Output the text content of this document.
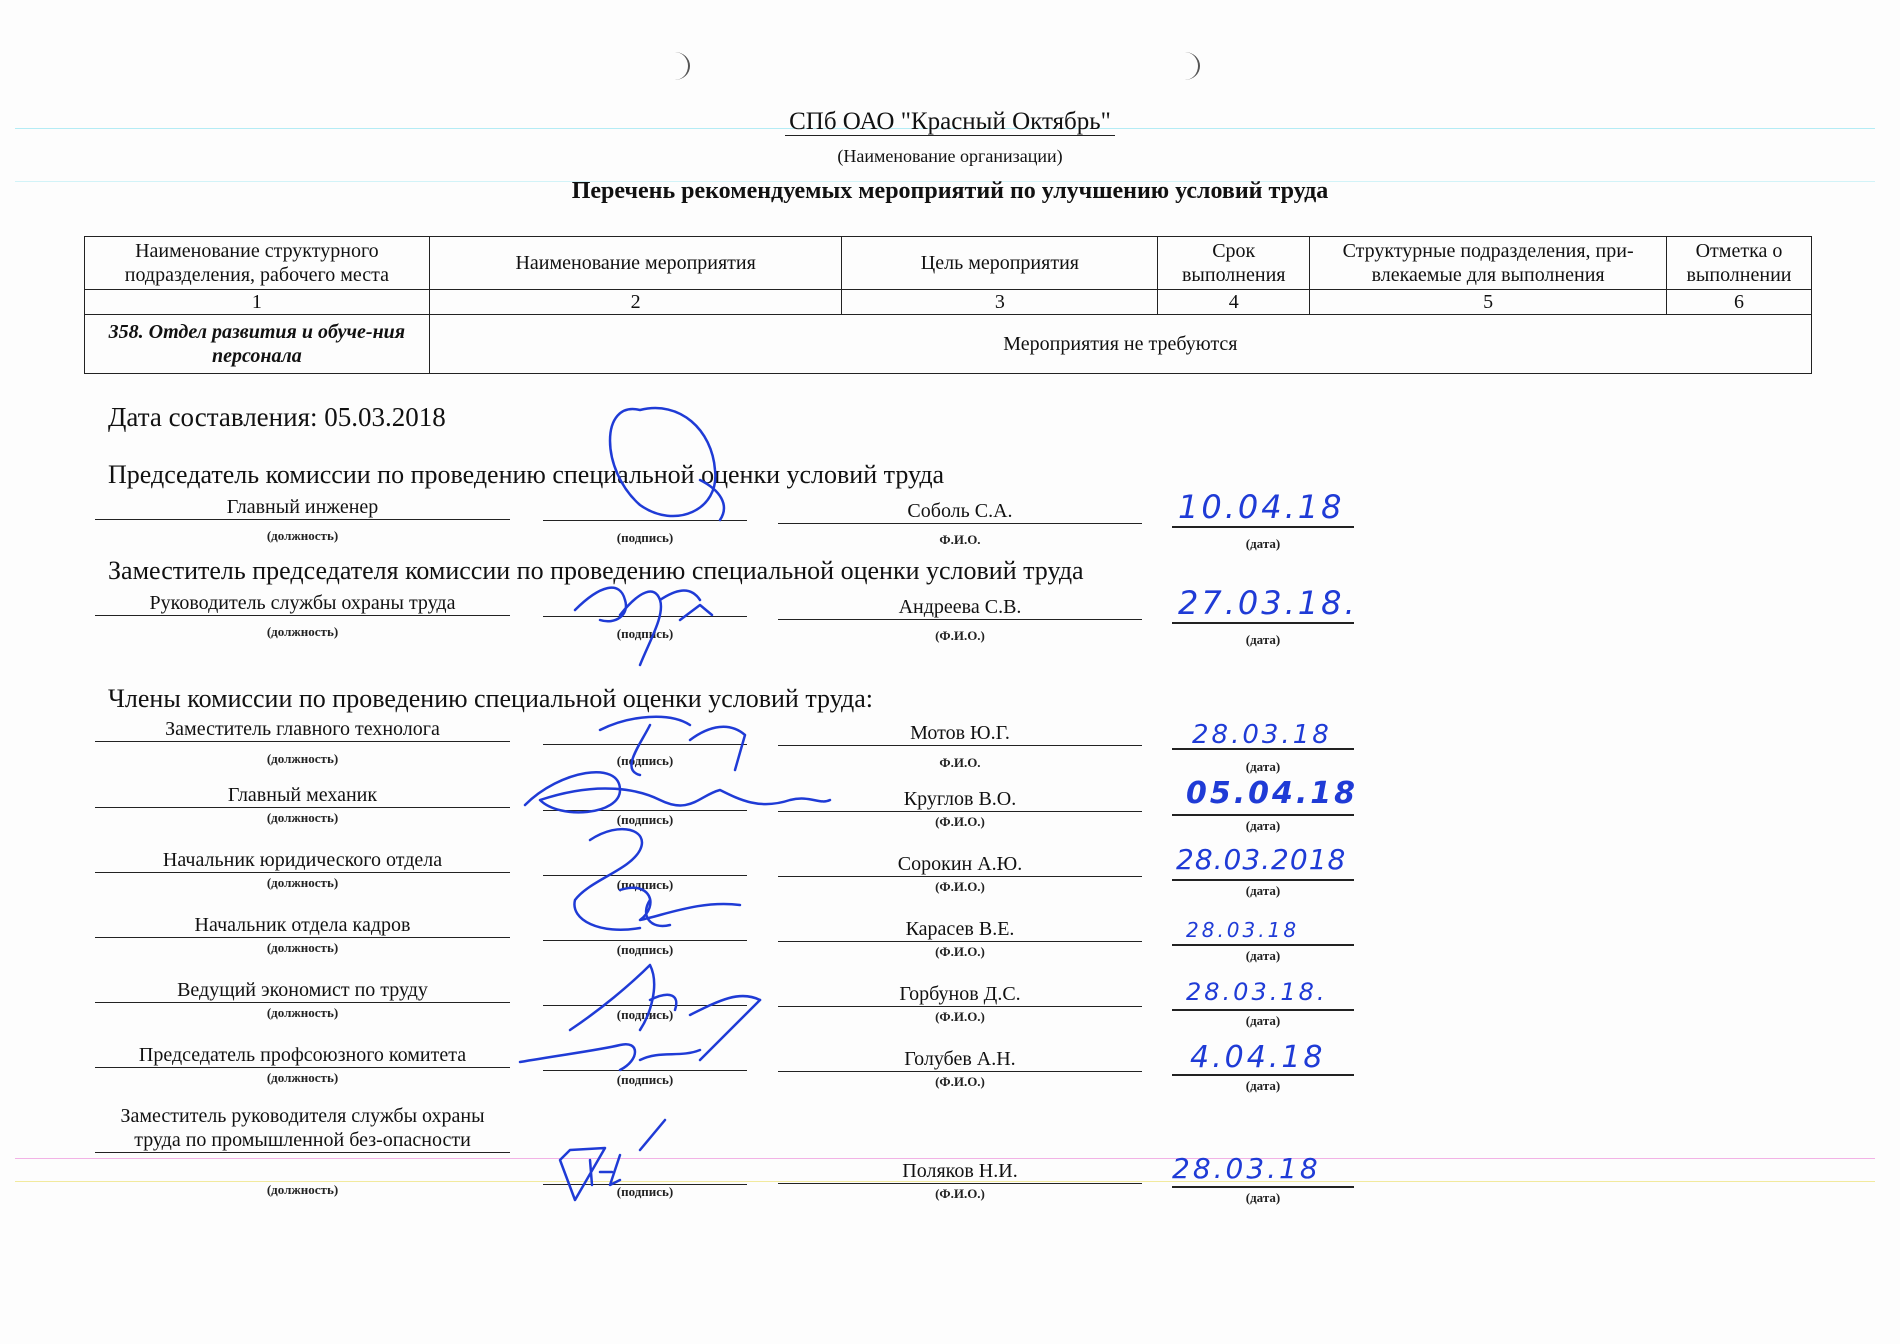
СПб ОАО "Красный Октябрь"
(Наименование организации)
Перечень рекомендуемых мероприятий по улучшению условий труда
Наименование структурного подразделения, рабочего места	Наименование мероприятия	Цель мероприятия	Срок выполнения	Структурные подразделения, при-влекаемые для выполнения	Отметка о выполнении
1	2	3	4	5	6
358. Отдел развития и обуче-ния персонала	Мероприятия не требуются				
Дата составления: 05.03.2018
Председатель комиссии по проведению специальной оценки условий труда
Главный инженер	Соболь С.А.	10.04.18
(должность)	(подпись)	Ф.И.О.	(дата)
Заместитель председателя комиссии по проведению специальной оценки условий труда
Руководитель службы охраны труда	Андреева С.В.	27.03.18.
(должность)	(подпись)	(Ф.И.О.)	(дата)
Члены комиссии по проведению специальной оценки условий труда:
Заместитель главного технолога	Мотов Ю.Г.	28.03.18
(должность)	(подпись)	Ф.И.О.	(дата)
Главный механик	Круглов В.О.	05.04.18
(должность)	(подпись)	(Ф.И.О.)	(дата)
Начальник юридического отдела	Сорокин А.Ю.	28.03.2018
(должность)	(подпись)	(Ф.И.О.)	(дата)
Начальник отдела кадров	Карасев В.Е.	28.03.18
(должность)	(подпись)	(Ф.И.О.)	(дата)
Ведущий экономист по труду	Горбунов Д.С.	28.03.18.
(должность)	(подпись)	(Ф.И.О.)	(дата)
Председатель профсоюзного комитета	Голубев А.Н.	4.04.18
(должность)	(подпись)	(Ф.И.О.)	(дата)
Заместитель руководителя службы охраны труда по промышленной без-опасности
Поляков Н.И.	28.03.18
(должность)	(подпись)	(Ф.И.О.)	(дата)
